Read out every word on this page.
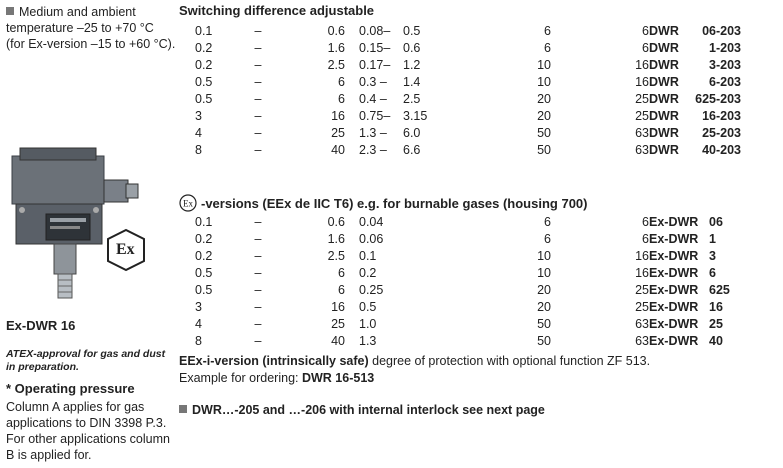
Medium and ambient temperature –25 to +70 °C (for Ex-version –15 to +60 °C).
Ex
Ex-DWR 16
ATEX-approval for gas and dust in preparation.
* Operating pressure
Column A applies for gas applications to DIN 3398 P.3. For other applications column B is applied for.
Switching difference adjustable
0.1	–	0.6	0.08–	0.5	6	6	DWR	06-203
0.2	–	1.6	0.15–	0.6	6	6	DWR	1-203
0.2	–	2.5	0.17–	1.2	10	16	DWR	3-203
0.5	–	6	0.3 –	1.4	10	16	DWR	6-203
0.5	–	6	0.4 –	2.5	20	25	DWR	625-203
3	–	16	0.75–	3.15	20	25	DWR	16-203
4	–	25	1.3 –	6.0	50	63	DWR	25-203
8	–	40	2.3 –	6.6	50	63	DWR	40-203
Ex -versions (EEx de IIC T6) e.g. for burnable gases (housing 700)
0.1	–	0.6	0.04		6	6	Ex-DWR	06
0.2	–	1.6	0.06		6	6	Ex-DWR	1
0.2	–	2.5	0.1		10	16	Ex-DWR	3
0.5	–	6	0.2		10	16	Ex-DWR	6
0.5	–	6	0.25		20	25	Ex-DWR	625
3	–	16	0.5		20	25	Ex-DWR	16
4	–	25	1.0		50	63	Ex-DWR	25
8	–	40	1.3		50	63	Ex-DWR	40
EEx-i-version (intrinsically safe) degree of protection with optional function ZF 513.
Example for ordering: DWR 16-513
DWR…-205 and …-206 with internal interlock see next page
